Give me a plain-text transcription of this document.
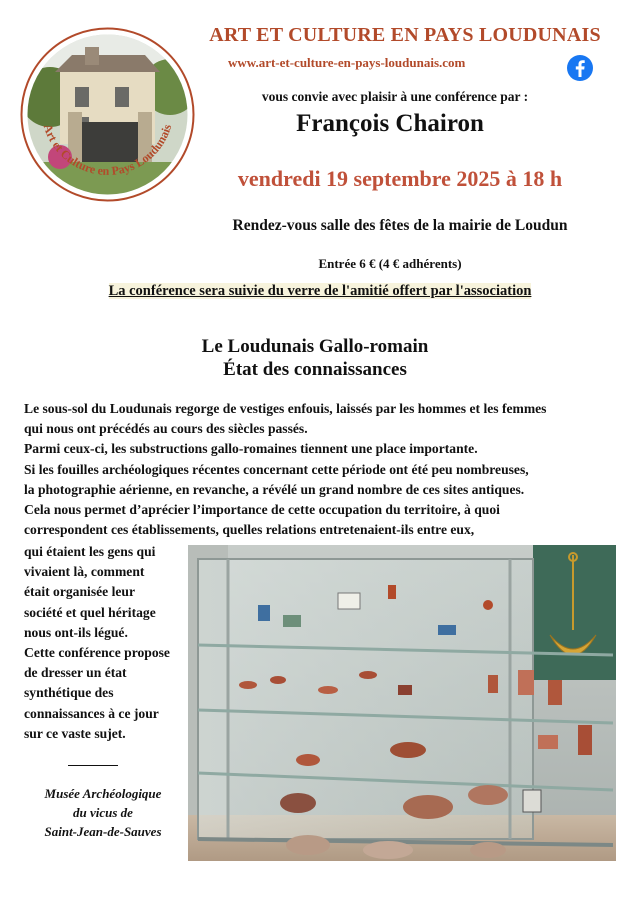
Art et Culture en Pays Loudunais
ART ET CULTURE EN PAYS LOUDUNAIS
www.art-et-culture-en-pays-loudunais.com
vous convie avec plaisir à une conférence par :
François Chairon
vendredi 19 septembre 2025 à 18 h
Rendez-vous salle des fêtes de la mairie de Loudun
Entrée 6 € (4 € adhérents)
La conférence sera suivie du verre de l'amitié offert par l'association
Le Loudunais Gallo-romain
État des connaissances

Le sous-sol du Loudunais regorge de vestiges enfouis, laissés par les hommes et les femmes

qui nous ont précédés au cours des siècles passés.

Parmi ceux-ci, les substructions gallo-romaines tiennent une place importante.

Si les fouilles archéologiques récentes concernant cette période ont été peu nombreuses,

la photographie aérienne, en revanche, a révélé un grand nombre de ces sites antiques.

Cela nous permet d’aprécier l’importance de cette occupation du territoire, à quoi

correspondent ces établissements, quelles relations entretenaient-ils entre eux,

qui étaient les gens qui

vivaient là, comment

était organisée leur

société et quel héritage

nous ont-ils légué.

Cette conférence propose

de dresser un état

synthétique des

connaissances à ce jour

sur ce vaste sujet.

Musée Archéologique

du vicus de

Saint-Jean-de-Sauves
